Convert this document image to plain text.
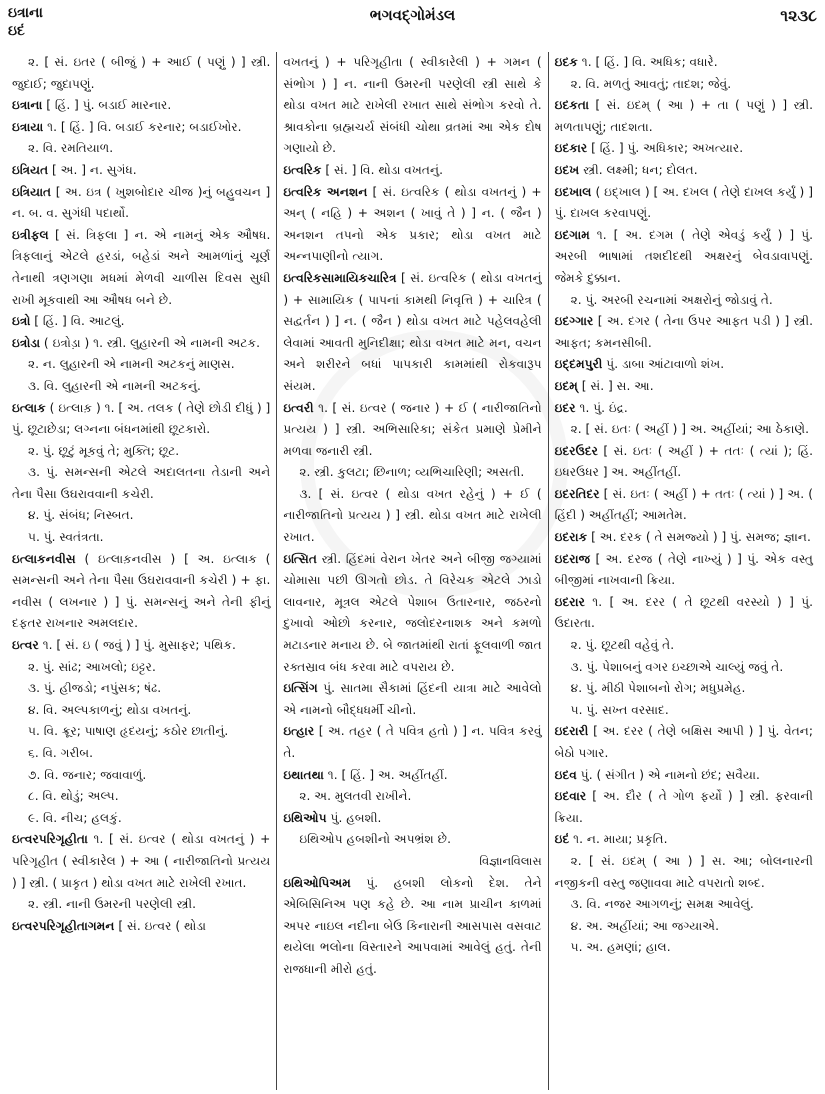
ઇત્રાના
ઇદં
ભગવદ્ગોમંડલ	૧૨૩૮

૨. [ સં. ઇતર ( બીજું ) + આઈ ( પણું ) ] સ્ત્રી. જુદાઈ; જુદાપણું.

ઇત્રાના [ હિં. ] પું. બડાઈ મારનાર.

ઇત્રાયા ૧. [ હિં. ] વિ. બડાઈ કરનાર; બડાઈખોર.

૨. વિ. રમતિયાળ.

ઇત્રિયત [ અ. ] ન. સુગંધ.

ઇત્રિયાત [ અ. ઇત્ર ( ખુશબોદાર ચીજ )નું બહુવચન ] ન. બ. વ. સુગંધી પદાર્થો.

ઇત્રીફલ [ સં. ત્રિફલા ] ન. એ નામનું એક ઔષધ. ત્રિફલાનું એટલે હરડાં, બહેડાં અને આમળાંનું ચૂર્ણ તેનાથી ત્રણગણા મધમાં મેળવી ચાળીસ દિવસ સુધી રાખી મૂકવાથી આ ઔષધ બને છે.

ઇત્રો [ હિં. ] વિ. આટલું.

ઇત્રોડા ( ઇત્રોડ઼ા ) ૧. સ્ત્રી. લુહારની એ નામની અટક.

૨. ન. લુહારની એ નામની અટકનું માણસ.

૩. વિ. લુહારની એ નામની અટકનું.

ઇત્લાક ( ઇત્લાક઼ ) ૧. [ અ. તલક ( તેણે છોડી દીધું ) ] પું. છૂટાછેડા; લગ્નના બંધનમાંથી છૂટકારો.

૨. પું. છૂટું મૂકવું તે; મુક્તિ; છૂટ.

૩. પું. સમન્સની એટલે અદાલતના તેડાની અને તેના પૈસા ઉઘરાવવાની કચેરી.

૪. પું. સંબંધ; નિસ્બત.

૫. પું. સ્વતંત્રતા.

ઇત્લાકનવીસ ( ઇત્લાક઼નવીસ ) [ અ. ઇત્લાક ( સમન્સની અને તેના પૈસા ઉઘરાવવાની કચેરી ) + ફા. નવીસ ( લખનાર ) ] પું. સમન્સનું અને તેની ફીનું દફતર રાખનાર અમલદાર.

ઇત્વર ૧. [ સં. ઇ ( જવું ) ] પું. મુસાફર; પથિક.

૨. પું. સાંઢ; આખલો; ઇટ્ટર.

૩. પું. હીજડો; નપુંસક; ષંઢ.

૪. વિ. અલ્પકાળનું; થોડા વખતનું.

૫. વિ. ક્રૂર; પાષાણ હૃદયનું; કઠોર છાતીનું.

૬. વિ. ગરીબ.

૭. વિ. જનાર; જવાવાળું.

૮. વિ. થોડું; અલ્પ.

૯. વિ. નીચ; હલકું.

ઇત્વરપરિગૃહીતા ૧. [ સં. ઇત્વર ( થોડા વખતનું ) + પરિગૃહીત ( સ્વીકારેલ ) + આ ( નારીજાતિનો પ્રત્યય ) ] સ્ત્રી. ( પ્રાકૃત ) થોડા વખત માટે રાખેલી રખાત.

૨. સ્ત્રી. નાની ઉમરની પરણેલી સ્ત્રી.

ઇત્વરપરિગૃહીતાગમન [ સં. ઇત્વર ( થોડા

વખતનું ) + પરિગૃહીતા ( સ્વીકારેલી ) + ગમન ( સંભોગ ) ] ન. નાની ઉમરની પરણેલી સ્ત્રી સાથે કે થોડા વખત માટે રાખેલી રખાત સાથે સંભોગ કરવો તે. શ્રાવકોના બ્રહ્મચર્ય સંબંધી ચોથા વ્રતમાં આ એક દોષ ગણાયો છે.

ઇત્વરિક [ સં. ] વિ. થોડા વખતનું.

ઇત્વરિક અનશન [ સં. ઇત્વરિક ( થોડા વખતનું ) + અન્ ( નહિ ) + અશન ( ખાવું તે ) ] ન. ( જૈન ) અનશન તપનો એક પ્રકાર; થોડા વખત માટે અન્નપાણીનો ત્યાગ.

ઇત્વરિકસામાયિકચારિત્ર [ સં. ઇત્વરિક ( થોડા વખતનું ) + સામાયિક ( પાપનાં કામથી નિવૃત્તિ ) + ચારિત્ર ( સદ્વર્તન ) ] ન. ( જૈન ) થોડા વખત માટે પહેલવહેલી લેવામાં આવતી મુનિદીક્ષા; થોડા વખત માટે મન, વચન અને શરીરને બધાં પાપકારી કામમાંથી રોકવારૂપ સંયમ.

ઇત્વરી ૧. [ સં. ઇત્વર ( જનાર ) + ઈ ( નારીજાતિનો પ્રત્યય ) ] સ્ત્રી. અભિસારિકા; સંકેત પ્રમાણે પ્રેમીને મળવા જનારી સ્ત્રી.

૨. સ્ત્રી. કુલટા; છિનાળ; વ્યભિચારિણી; અસતી.

૩. [ સં. ઇત્વર ( થોડા વખત રહેનું ) + ઈ ( નારીજાતિનો પ્રત્યય ) ] સ્ત્રી. થોડા વખત માટે રાખેલી રખાત.

ઇત્સિત સ્ત્રી. હિંદમાં વેરાન ખેતર અને બીજી જગ્યામાં ચોમાસા પછી ઊગતો છોડ. તે વિરેચક એટલે ઝાડો લાવનાર, મૂત્રલ એટલે પેશાબ ઉતારનાર, જઠરનો દુખાવો ઓછો કરનાર, જલોદરનાશક અને કમળો મટાડનાર મનાય છે. બે જાતમાંથી રાતાં ફૂલવાળી જાત રક્તસ્રાવ બંધ કરવા માટે વપરાય છે.

ઇત્સિંગ પું. સાતમા સૈકામાં હિંદની યાત્રા માટે આવેલો એ નામનો બૌદ્ધધર્મી ચીનો.

ઇત્હાર [ અ. તહર ( તે પવિત્ર હતો ) ] ન. પવિત્ર કરવું તે.

ઇથાતથા ૧. [ હિં. ] અ. અહીંતહીં.

૨. અ. મુલતવી રાખીને.

ઇથિઓપ પું. હબશી.

ઇથિઓપ હબશીનો અપભ્રંશ છે.

વિજ્ઞાનવિલાસ

ઇથિઓપિઅમ પું. હબશી લોકનો દેશ. તેને એબિસિનિઅ પણ કહે છે. આ નામ પ્રાચીન કાળમાં અપર નાઇલ નદીના બેઉ કિનારાની આસપાસ વસવાટ થયેલા ભલોના વિસ્તારને આપવામાં આવેલું હતું. તેની રાજધાની મીરો હતું.

ઇદક ૧. [ હિં. ] વિ. અધિક; વધારે.

૨. વિ. મળતું આવતું; તાદશ; જેવું.

ઇદકતા [ સં. ઇદમ્ ( આ ) + તા ( પણું ) ] સ્ત્રી. મળતાપણું; તાદશતા.

ઇદકાર [ હિં. ] પું. અધિકાર; અખત્યાર.

ઇદખ સ્ત્રી. લક્ષ્મી; ધન; દોલત.

ઇદખાલ ( ઇદ્ખાલ ) [ અ. દખલ ( તેણે દાખલ કર્યું ) ] પું. દાખલ કરવાપણું.

ઇદગામ ૧. [ અ. દગમ ( તેણે એવડું કર્યું ) ] પું. અરબી ભાષામાં તશદીદથી અક્ષરનું બેવડાવાપણું. જેમકે દુક્કાન.

૨. પું. અરબી રચનામાં અક્ષરોનું જોડાવું તે.

ઇદગ્ગાર [ અ. દગર ( તેના ઉપર આફત પડી ) ] સ્ત્રી. આફત; કમનસીબી.

ઇદ્દમપુરી પું. ડાબા આંટાવાળો શંખ.

ઇદમ્ [ સં. ] સ. આ.

ઇદર ૧. પું. ઇંદ્ર.

૨. [ સં. ઇતઃ ( અહીં ) ] અ. અહીંયાં; આ ઠેકાણે.

ઇદરઉદર [ સં. ઇતઃ ( અહીં ) + તતઃ ( ત્યાં ); હિં. ઇધરઉધર ] અ. અહીંતહીં.

ઇદરતિદર [ સં. ઇતઃ ( અહીં ) + તતઃ ( ત્યાં ) ] અ. ( હિંદી ) અહીંતહીં; આમતેમ.

ઇદરાક [ અ. દરક ( તે સમજ્યો ) ] પું. સમજ; જ્ઞાન.

ઇદરાજ [ અ. દરજ ( તેણે નાખ્યું ) ] પું. એક વસ્તુ બીજીમાં નાખવાની ક્રિયા.

ઇદરાર ૧. [ અ. દરર ( તે છૂટથી વરસ્યો ) ] પું. ઉદારતા.

૨. પું. છૂટથી વહેવું તે.

૩. પું. પેશાબનું વગર ઇચ્છાએ ચાલ્યું જવું તે.

૪. પું. મીઠી પેશાબનો રોગ; મધુપ્રમેહ.

૫. પું. સખ્ત વરસાદ.

ઇદરારી [ અ. દરર ( તેણે બક્ષિસ આપી ) ] પું. વેતન; બેઠો પગાર.

ઇદવ પું. ( સંગીત ) એ નામનો છંદ; સવૈયા.

ઇદવાર [ અ. દૌર ( તે ગોળ ફર્યો ) ] સ્ત્રી. ફરવાની ક્રિયા.

ઇદં ૧. ન. માયા; પ્રકૃતિ.

૨. [ સં. ઇદમ્ ( આ ) ] સ. આ; બોલનારની નજીકની વસ્તુ જણાવવા માટે વપરાતો શબ્દ.

૩. વિ. નજર આગળનું; સમક્ષ આવેલું.

૪. અ. અહીંયાં; આ જગ્યાએ.

૫. અ. હમણાં; હાલ.
